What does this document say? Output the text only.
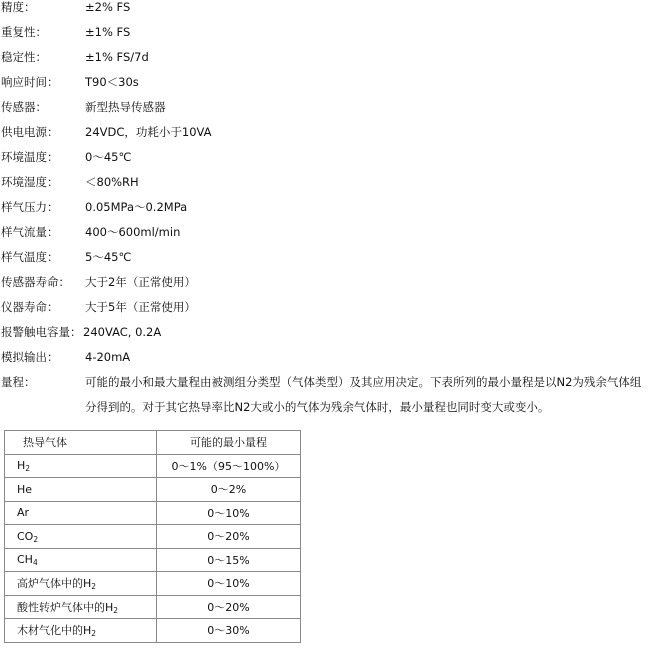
精度：	±2% FS
重复性：	±1% FS
稳定性：	±1% FS/7d
响应时间： T90＜30s
传感器：	新型热导传感器
供电电源： 24VDC，功耗小于10VA
环境温度： 0～45℃
环境湿度： ＜80%RH
样气压力： 0.05MPa～0.2MPa
样气流量： 400～600ml/min
样气温度： 5～45℃
传感器寿命： 大于2年（正常使用）
仪器寿命： 大于5年（正常使用）
报警触电容量： 240VAC, 0.2A
模拟输出： 4-20mA
量程：	可能的最小和最大量程由被测组分类型（气体类型）及其应用决定。下表所列的最小量程是以N2为残余气体组分得到的。对于其它热导率比N2大或小的气体为残余气体时，最小量程也同时变大或变小。
热导气体	可能的最小量程
$H_2$	0～1%（95～100%）
He	0～2%
Ar	0～10%
$CO_2$	0～20%
$CH_4$	0～15%
高炉气体中的$H_2$	0～10%
酸性转炉气体中的$H_2$	0～20%
木材气化中的$H_2$	0～30%
